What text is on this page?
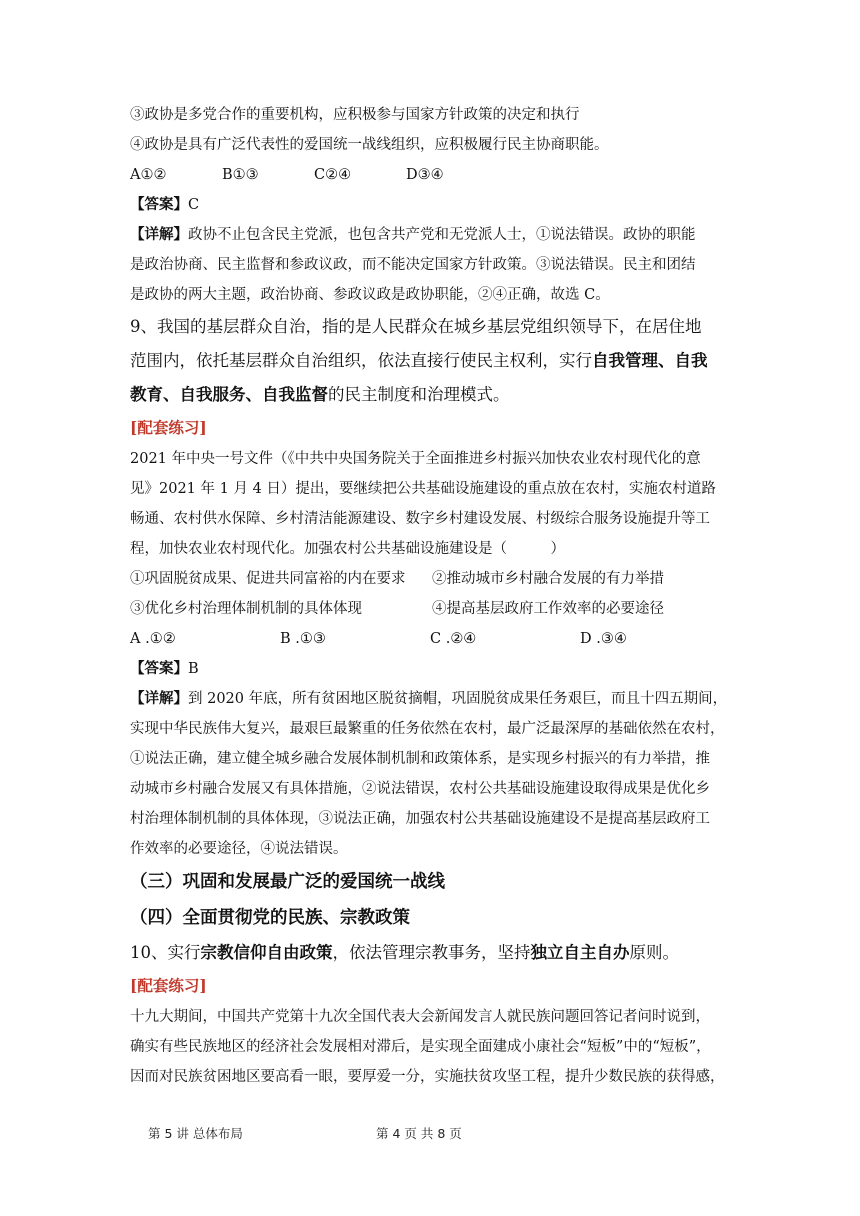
③政协是多党合作的重要机构，应积极参与国家方针政策的决定和执行
④政协是具有广泛代表性的爱国统一战线组织，应积极履行民主协商职能。
A①②	B①③	C②④	D③④
【答案】C
【详解】政协不止包含民主党派，也包含共产党和无党派人士，①说法错误。政协的职能
是政治协商、民主监督和参政议政，而不能决定国家方针政策。③说法错误。民主和团结
是政协的两大主题，政治协商、参政议政是政协职能，②④正确，故选 C。
9、我国的基层群众自治，指的是人民群众在城乡基层党组织领导下，在居住地
范围内，依托基层群众自治组织，依法直接行使民主权利，实行自我管理、自我
教育、自我服务、自我监督的民主制度和治理模式。
[配套练习]
2021 年中央一号文件（《中共中央国务院关于全面推进乡村振兴加快农业农村现代化的意
见》2021 年 1 月 4 日）提出，要继续把公共基础设施建设的重点放在农村，实施农村道路
畅通、农村供水保障、乡村清洁能源建设、数字乡村建设发展、村级综合服务设施提升等工
程，加快农业农村现代化。加强农村公共基础设施建设是（　　　）
①巩固脱贫成果、促进共同富裕的内在要求 ②推动城市乡村融合发展的有力举措
③优化乡村治理体制机制的具体体现	④提高基层政府工作效率的必要途径
A .①②	B .①③	C .②④	D .③④
【答案】B
【详解】到 2020 年底，所有贫困地区脱贫摘帽，巩固脱贫成果任务艰巨，而且十四五期间，
实现中华民族伟大复兴，最艰巨最繁重的任务依然在农村，最广泛最深厚的基础依然在农村，
①说法正确，建立健全城乡融合发展体制机制和政策体系，是实现乡村振兴的有力举措，推
动城市乡村融合发展又有具体措施，②说法错误，农村公共基础设施建设取得成果是优化乡
村治理体制机制的具体体现，③说法正确，加强农村公共基础设施建设不是提高基层政府工
作效率的必要途径，④说法错误。
（三）巩固和发展最广泛的爱国统一战线
（四）全面贯彻党的民族、宗教政策
10、实行宗教信仰自由政策，依法管理宗教事务，坚持独立自主自办原则。
[配套练习]
十九大期间，中国共产党第十九次全国代表大会新闻发言人就民族问题回答记者问时说到，
确实有些民族地区的经济社会发展相对滞后，是实现全面建成小康社会“短板”中的“短板”，
因而对民族贫困地区要高看一眼，要厚爱一分，实施扶贫攻坚工程，提升少数民族的获得感，
第 5 讲 总体布局	第 4 页 共 8 页
